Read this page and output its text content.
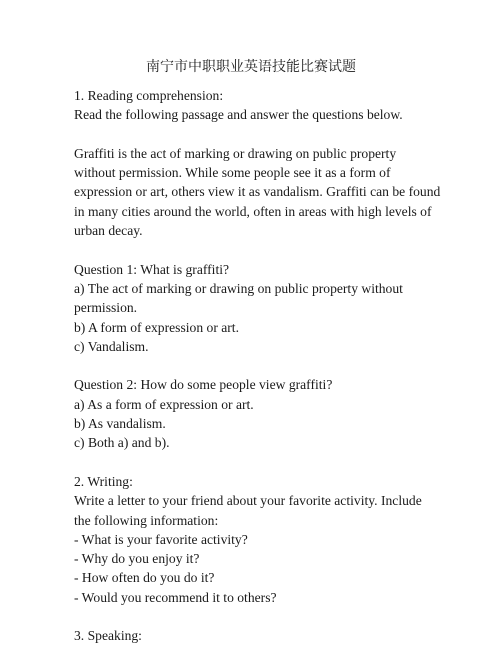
南宁市中职职业英语技能比赛试题
1. Reading comprehension:
Read the following passage and answer the questions below.
Graffiti is the act of marking or drawing on public property
without permission. While some people see it as a form of
expression or art, others view it as vandalism. Graffiti can be found
in many cities around the world, often in areas with high levels of
urban decay.
Question 1: What is graffiti?
a) The act of marking or drawing on public property without
permission.
b) A form of expression or art.
c) Vandalism.
Question 2: How do some people view graffiti?
a) As a form of expression or art.
b) As vandalism.
c) Both a) and b).
2. Writing:
Write a letter to your friend about your favorite activity. Include
the following information:
- What is your favorite activity?
- Why do you enjoy it?
- How often do you do it?
- Would you recommend it to others?
3. Speaking:
